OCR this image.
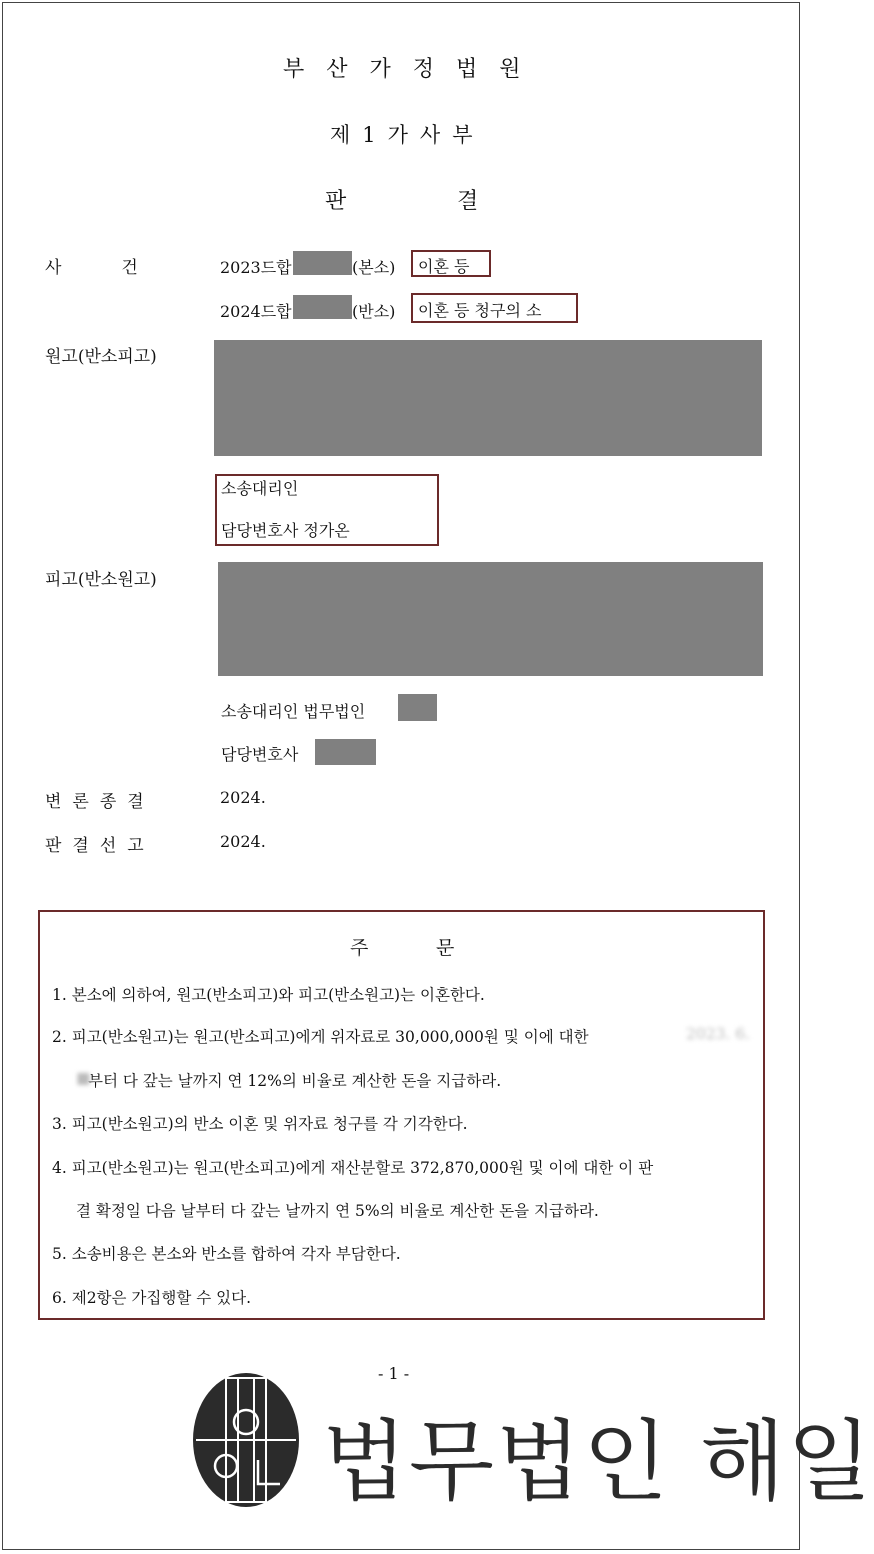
부산가정법원
제1가사부
판	결
사건 2023드합	(본소) 이혼 등
2024드합	(반소) 이혼 등 청구의 소
원고(반소피고)
소송대리인
담당변호사 정가온
피고(반소원고)
소송대리인 법무법인
담당변호사
변론종결	2024.
판결선고	2024.
주	문
1. 본소에 의하여, 원고(반소피고)와 피고(반소원고)는 이혼한다.
2. 피고(반소원고)는 원고(반소피고)에게 위자료로 30,000,000원 및 이에 대한	2023. 6.
부터 다 갚는 날까지 연 12%의 비율로 계산한 돈을 지급하라.
■
3. 피고(반소원고)의 반소 이혼 및 위자료 청구를 각 기각한다.
4. 피고(반소원고)는 원고(반소피고)에게 재산분할로 372,870,000원 및 이에 대한 이 판
결 확정일 다음 날부터 다 갚는 날까지 연 5%의 비율로 계산한 돈을 지급하라.
5. 소송비용은 본소와 반소를 합하여 각자 부담한다.
6. 제2항은 가집행할 수 있다.
- 1 -
법무법인 해일
